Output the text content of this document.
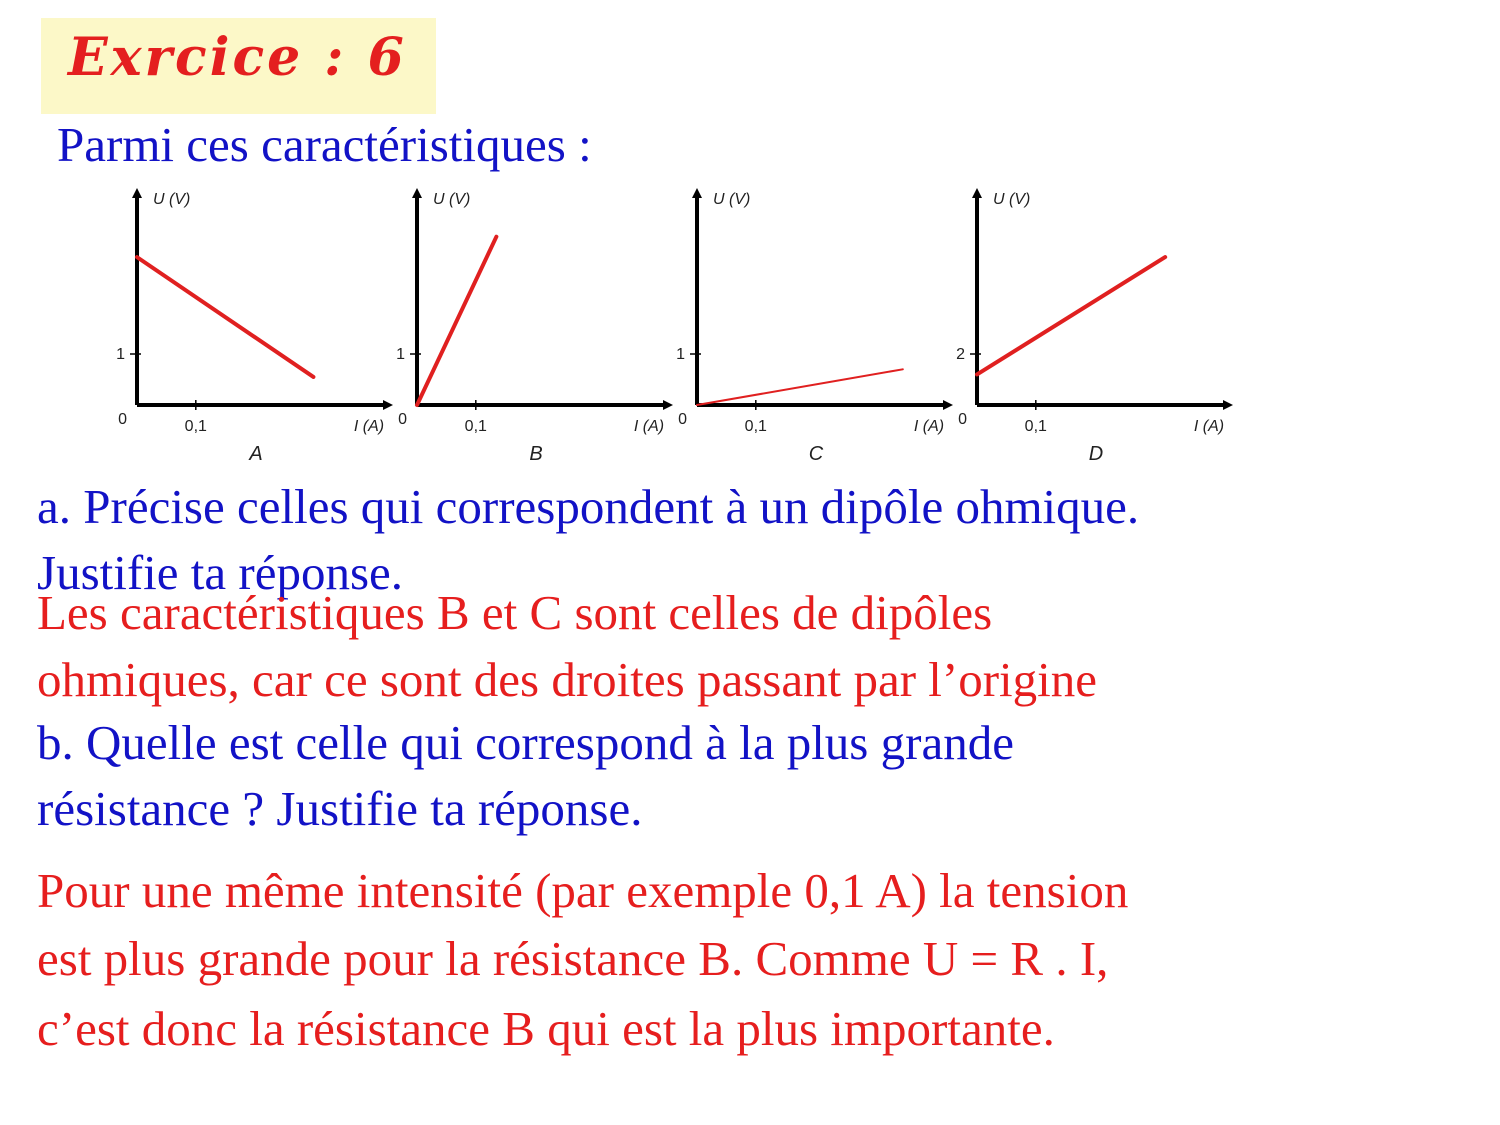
Exrcice : 6
Parmi ces caractéristiques :
U (V)
I (A)
0,1
1
0
A
U (V)
I (A)
0,1
1
0
B
U (V)
I (A)
0,1
1
0
C
U (V)
I (A)
0,1
2
0
D
a. Précise celles qui correspondent à un dipôle ohmique.
Justifie ta réponse.
Les caractéristiques B et C sont celles de dipôles
ohmiques, car ce sont des droites passant par l’origine
b. Quelle est celle qui correspond à la plus grande
résistance ? Justifie ta réponse.
Pour une même intensité (par exemple 0,1 A) la tension
est plus grande pour la résistance B. Comme U = R . I,
c’est donc la résistance B qui est la plus importante.
